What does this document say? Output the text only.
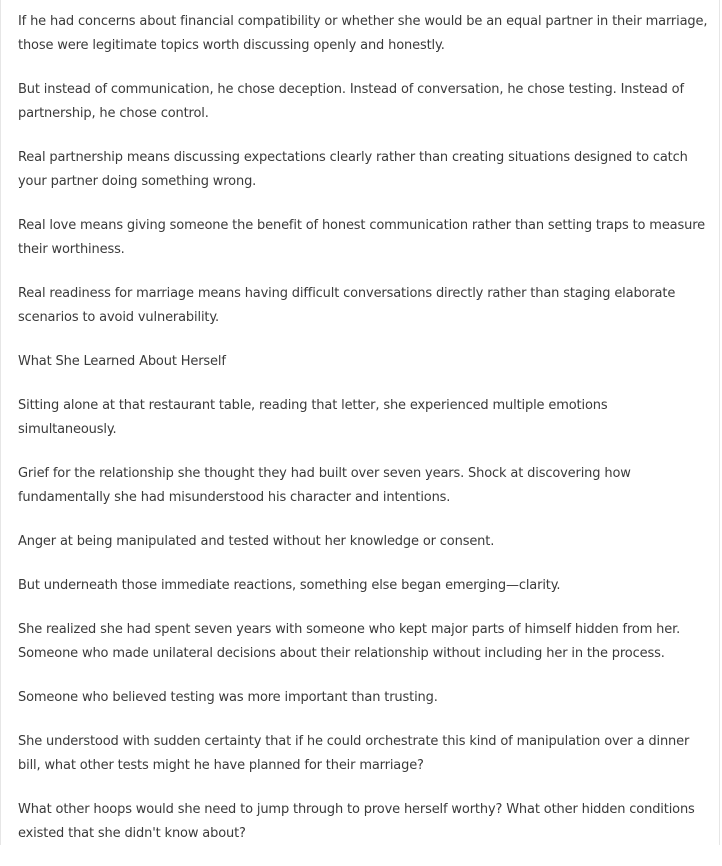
If he had concerns about financial compatibility or whether she would be an equal partner in their marriage, those were legitimate topics worth discussing openly and honestly.

But instead of communication, he chose deception. Instead of conversation, he chose testing. Instead of partnership, he chose control.

Real partnership means discussing expectations clearly rather than creating situations designed to catch your partner doing something wrong.

Real love means giving someone the benefit of honest communication rather than setting traps to measure their worthiness.

Real readiness for marriage means having difficult conversations directly rather than staging elaborate scenarios to avoid vulnerability.

What She Learned About Herself

Sitting alone at that restaurant table, reading that letter, she experienced multiple emotions simultaneously.

Grief for the relationship she thought they had built over seven years. Shock at discovering how fundamentally she had misunderstood his character and intentions.

Anger at being manipulated and tested without her knowledge or consent.

But underneath those immediate reactions, something else began emerging—clarity.

She realized she had spent seven years with someone who kept major parts of himself hidden from her. Someone who made unilateral decisions about their relationship without including her in the process.

Someone who believed testing was more important than trusting.

She understood with sudden certainty that if he could orchestrate this kind of manipulation over a dinner bill, what other tests might he have planned for their marriage?

What other hoops would she need to jump through to prove herself worthy? What other hidden conditions existed that she didn't know about?
